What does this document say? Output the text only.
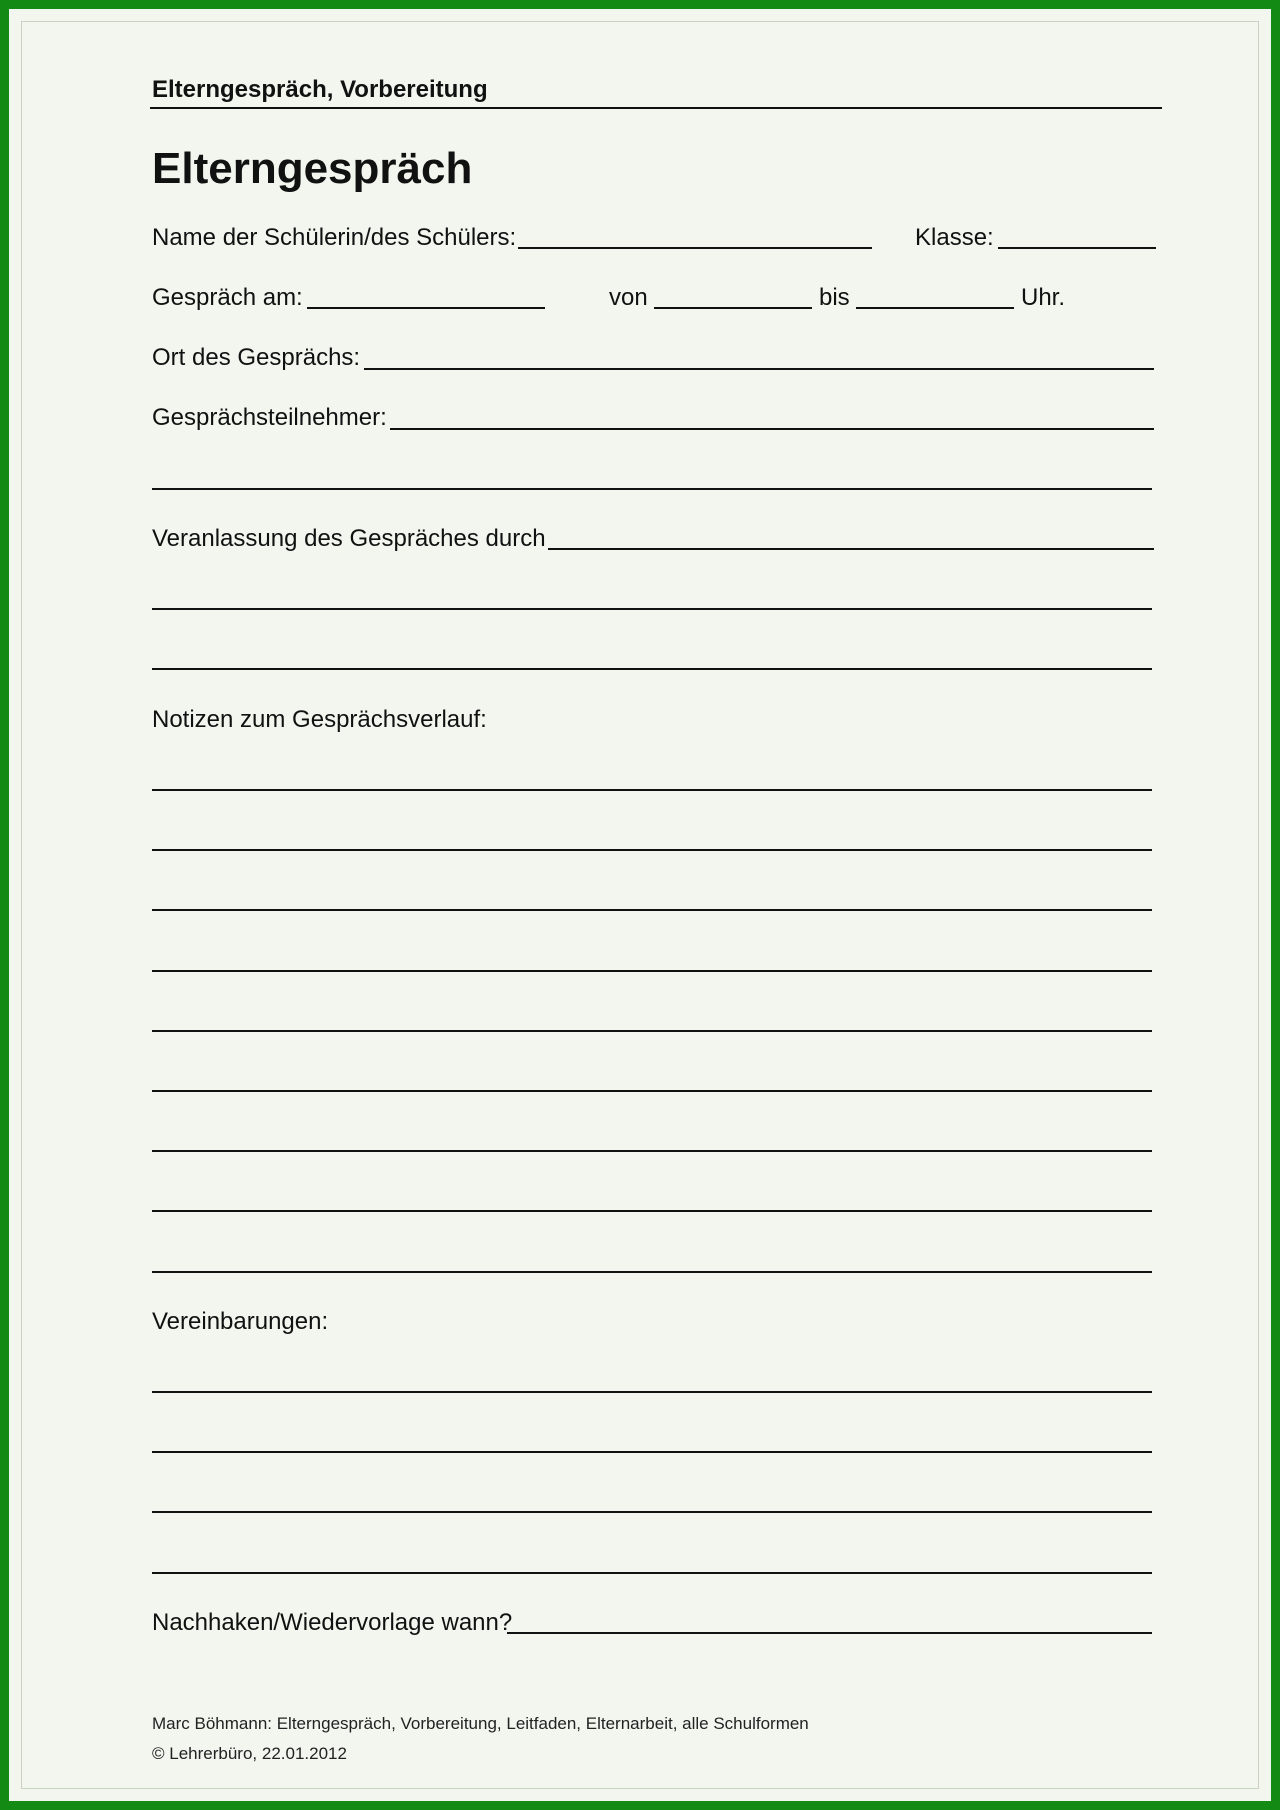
Elterngespräch, Vorbereitung
Elterngespräch
Name der Schülerin/des Schülers:	Klasse:
Gespräch am:	von	bis	Uhr.
Ort des Gesprächs:
Gesprächsteilnehmer:
Veranlassung des Gespräches durch
Notizen zum Gesprächsverlauf:
Vereinbarungen:
Nachhaken/Wiedervorlage wann?
Marc Böhmann: Elterngespräch, Vorbereitung, Leitfaden, Elternarbeit, alle Schulformen
© Lehrerbüro, 22.01.2012
